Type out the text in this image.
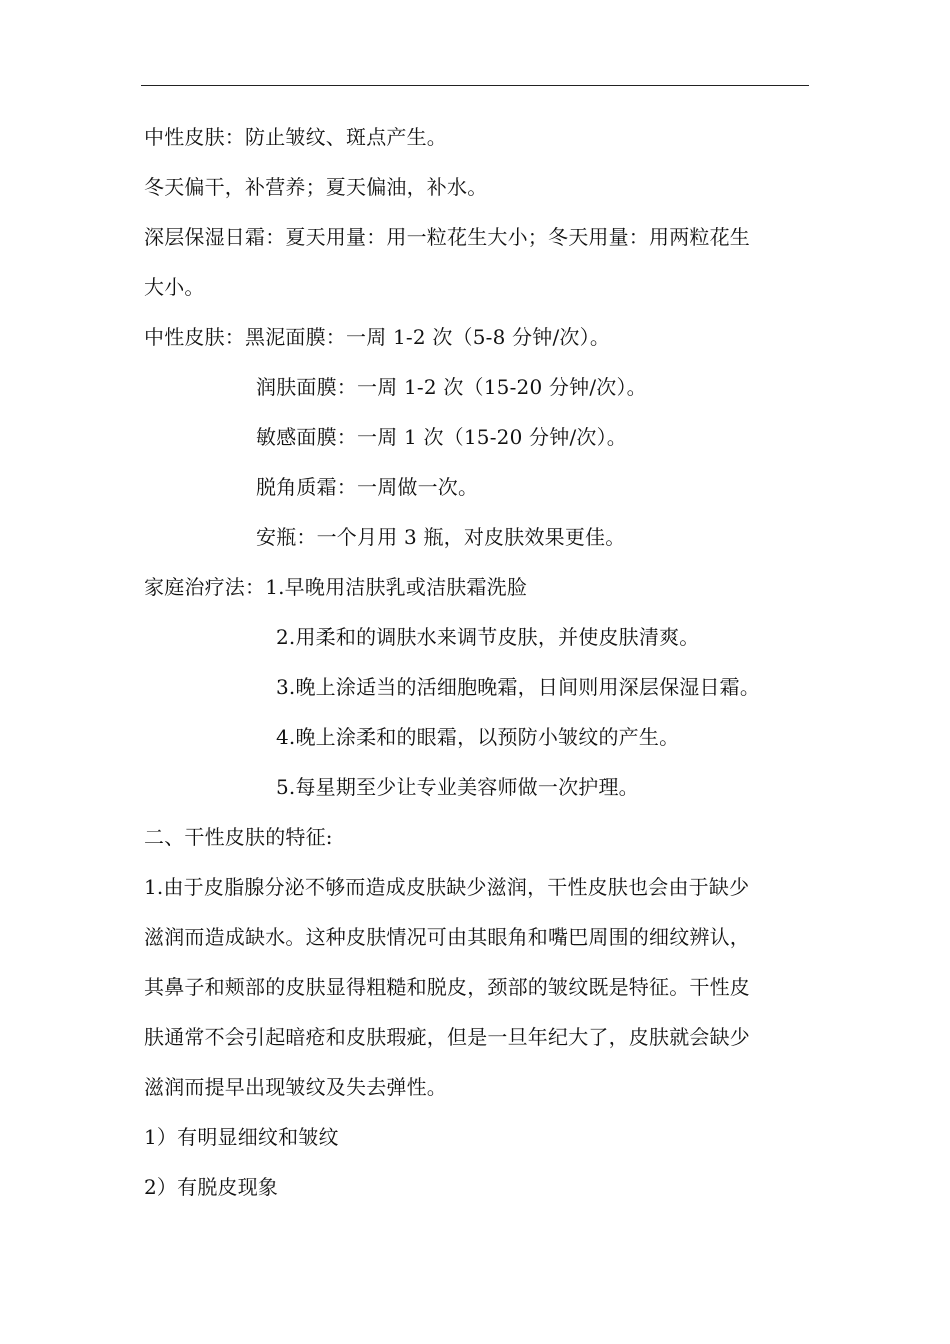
中性皮肤：防止皱纹、斑点产生。
冬天偏干，补营养；夏天偏油，补水。
深层保湿日霜：夏天用量：用一粒花生大小；冬天用量：用两粒花生
大小。
中性皮肤：黑泥面膜：一周 1-2 次（5-8 分钟/次）。
润肤面膜：一周 1-2 次（15-20 分钟/次）。
敏感面膜：一周 1 次（15-20 分钟/次）。
脱角质霜：一周做一次。
安瓶：一个月用 3 瓶，对皮肤效果更佳。
家庭治疗法：1.早晚用洁肤乳或洁肤霜洗脸
2.用柔和的调肤水来调节皮肤，并使皮肤清爽。
3.晚上涂适当的活细胞晚霜，日间则用深层保湿日霜。
4.晚上涂柔和的眼霜，以预防小皱纹的产生。
5.每星期至少让专业美容师做一次护理。
二、干性皮肤的特征:
1.由于皮脂腺分泌不够而造成皮肤缺少滋润，干性皮肤也会由于缺少
滋润而造成缺水。这种皮肤情况可由其眼角和嘴巴周围的细纹辨认，
其鼻子和颊部的皮肤显得粗糙和脱皮，颈部的皱纹既是特征。干性皮
肤通常不会引起暗疮和皮肤瑕疵，但是一旦年纪大了，皮肤就会缺少
滋润而提早出现皱纹及失去弹性。
1）有明显细纹和皱纹
2）有脱皮现象
